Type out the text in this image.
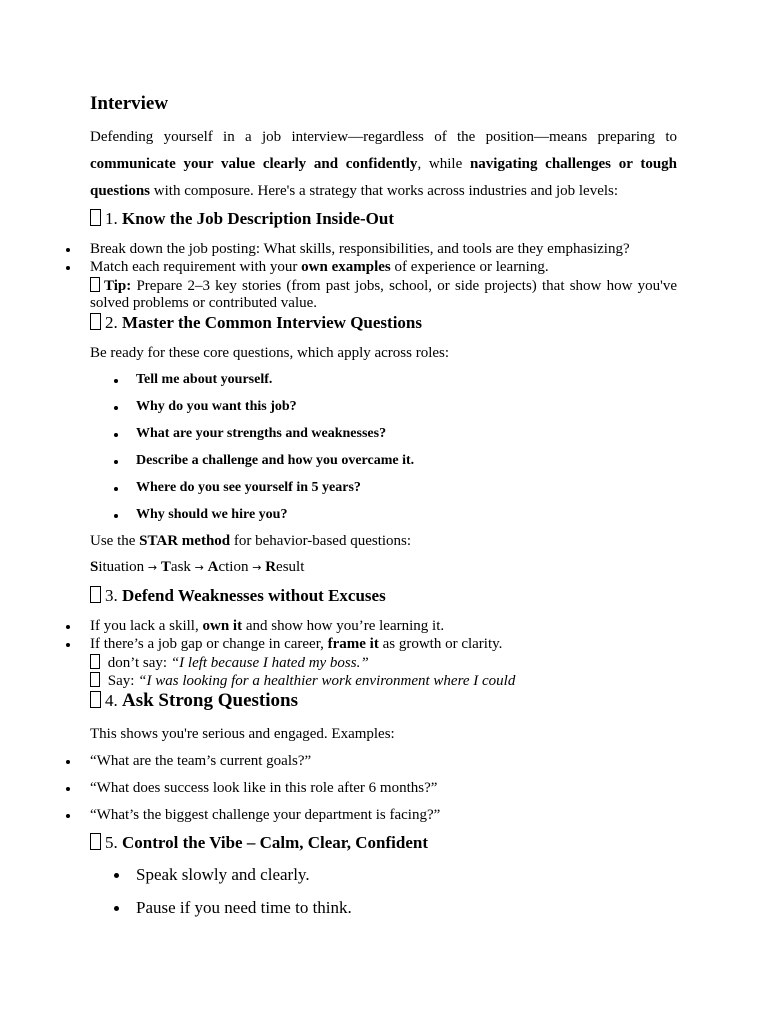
Interview
Defending yourself in a job interview—regardless of the position—means preparing to
communicate your value clearly and confidently, while navigating challenges or tough
questions with composure. Here's a strategy that works across industries and job levels:
1. Know the Job Description Inside-Out
Break down the job posting: What skills, responsibilities, and tools are they emphasizing?
Match each requirement with your own examples of experience or learning.
Tip: Prepare 2–3 key stories (from past jobs, school, or side projects) that show how you've
solved problems or contributed value.
2. Master the Common Interview Questions
Be ready for these core questions, which apply across roles:
Tell me about yourself.
Why do you want this job?
What are your strengths and weaknesses?
Describe a challenge and how you overcame it.
Where do you see yourself in 5 years?
Why should we hire you?
Use the STAR method for behavior-based questions:
Situation → Task → Action → Result
3. Defend Weaknesses without Excuses
If you lack a skill, own it and show how you’re learning it.
If there’s a job gap or change in career, frame it as growth or clarity.
don’t say: “I left because I hated my boss.”
Say: “I was looking for a healthier work environment where I could
4. Ask Strong Questions
This shows you're serious and engaged. Examples:
“What are the team’s current goals?”
“What does success look like in this role after 6 months?”
“What’s the biggest challenge your department is facing?”
5. Control the Vibe – Calm, Clear, Confident
Speak slowly and clearly.
Pause if you need time to think.
